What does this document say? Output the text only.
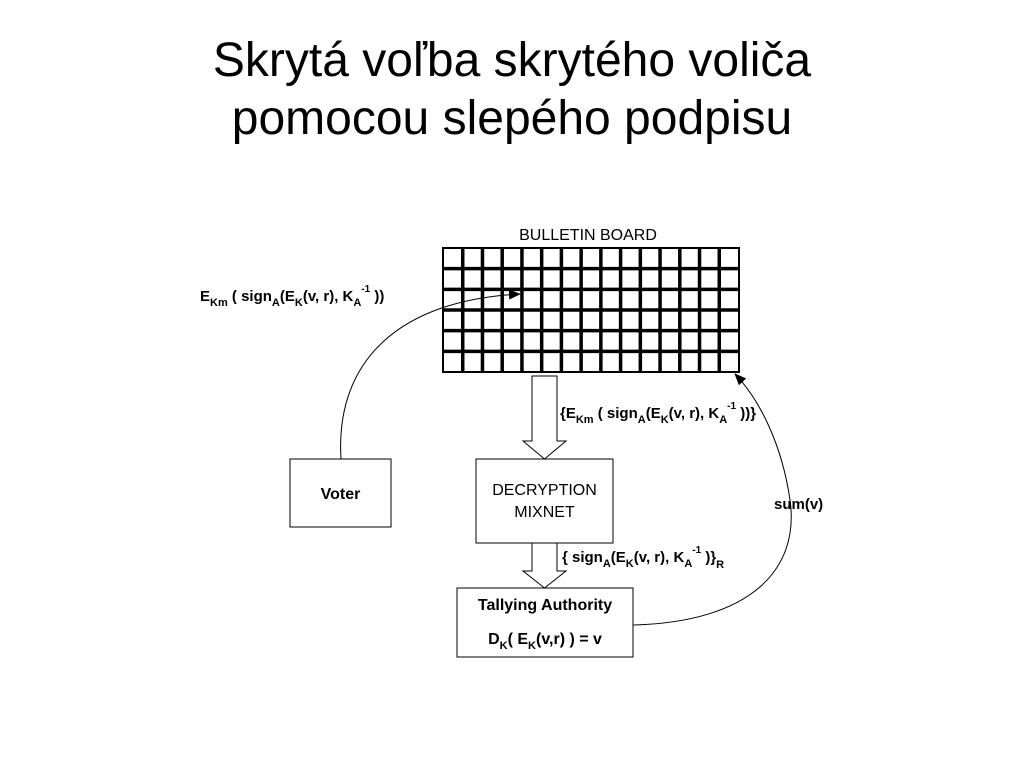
Skrytá voľba skrytého voliča
pomocou slepého podpisu
BULLETIN BOARD
Voter	DECRYPTION
MIXNET
Tallying Authority
$D_K$( $E_K(v,r)$ ) = v
$E_{Km}$ ( $sign_A(E_K(v$, r), $K_A^{-1}$ ))
{$E_{Km}$ ( $sign_A(E_K(v$, r), $K_A^{-1}$ ))}
{ $sign_A(E_K(v$, r), $K_A^{-1}$ )}$_R$
sum(v)
